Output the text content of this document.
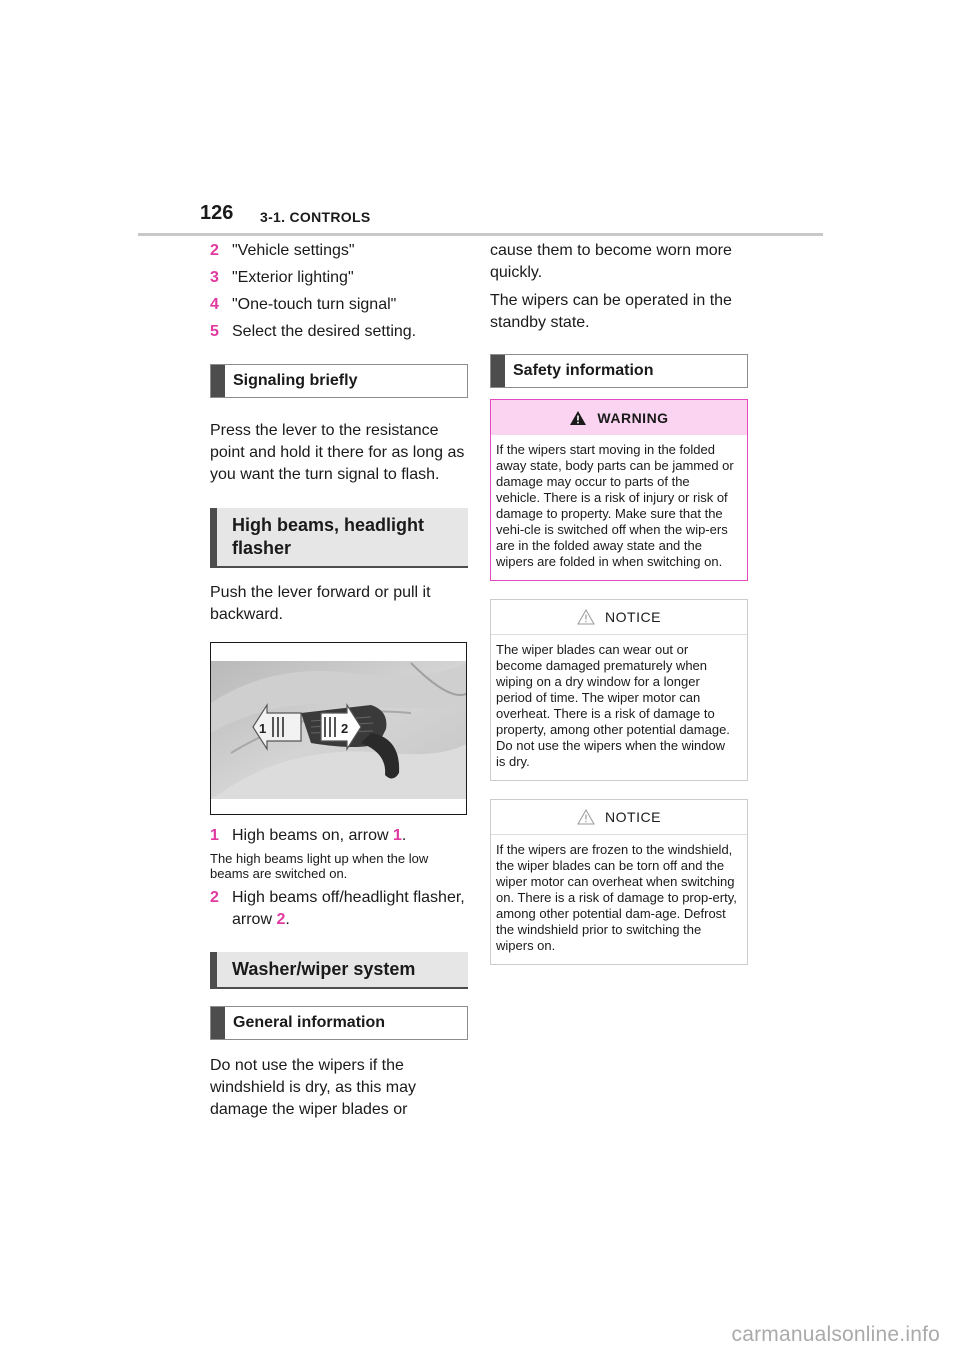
126 3-1. CONTROLS
2 "Vehicle settings"
3 "Exterior lighting"
4 "One-touch turn signal"
5 Select the desired setting.
Signaling briefly

Press the lever to the resistance point and hold it there for as long as you want the turn signal to flash.

High beams, headlight flasher

Push the lever forward or pull it backward.

1	2
1 High beams on, arrow 1.

The high beams light up when the low beams are switched on.

2 High beams off/headlight flasher, arrow 2.
Washer/wiper system
General information

Do not use the wipers if the windshield is dry, as this may damage the wiper blades or

cause them to become worn more quickly.

The wipers can be operated in the standby state.

Safety information
WARNING
If the wipers start moving in the folded away state, body parts can be jammed or damage may occur to parts of the vehicle. There is a risk of injury or risk of damage to property. Make sure that the vehi-cle is switched off when the wip-ers are in the folded away state and the wipers are folded in when switching on.
NOTICE
The wiper blades can wear out or become damaged prematurely when wiping on a dry window for a longer period of time. The wiper motor can overheat. There is a risk of damage to property, among other potential damage. Do not use the wipers when the window is dry.
NOTICE
If the wipers are frozen to the windshield, the wiper blades can be torn off and the wiper motor can overheat when switching on. There is a risk of damage to prop-erty, among other potential dam-age. Defrost the windshield prior to switching the wipers on.
carmanualsonline.info
